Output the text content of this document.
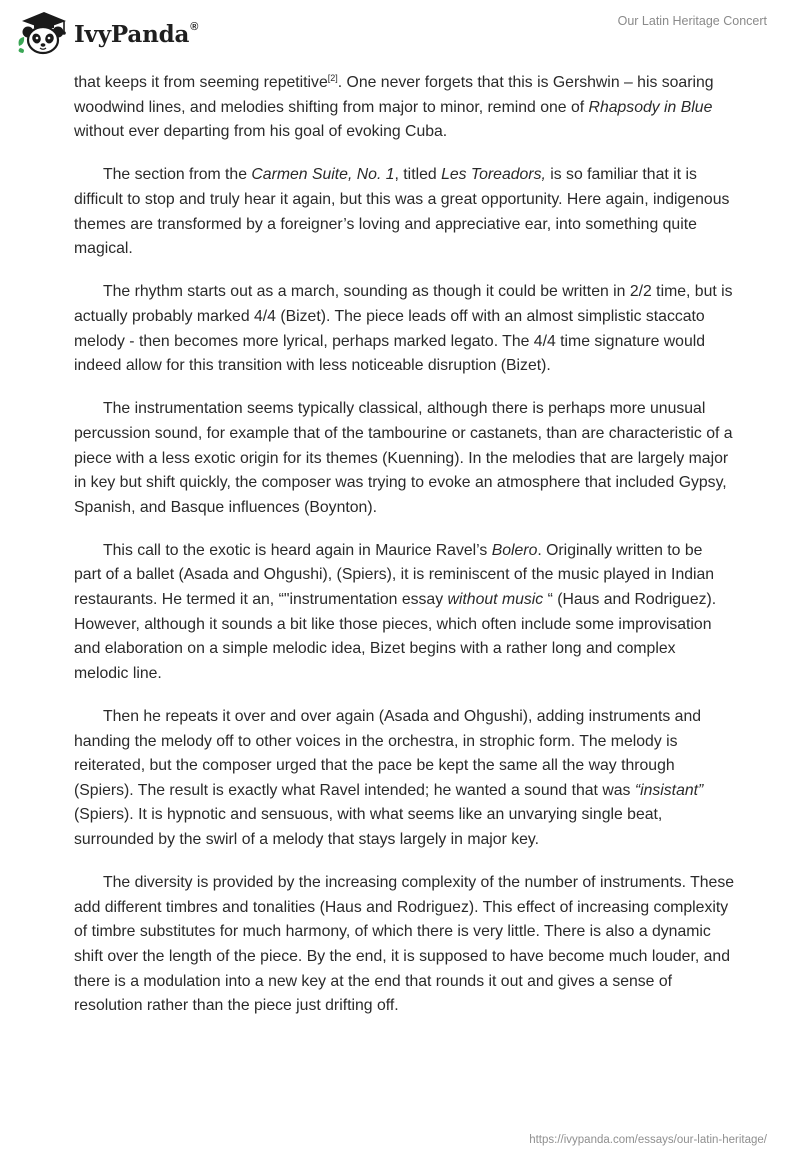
IvyPanda®	Our Latin Heritage Concert

that keeps it from seeming repetitive[2]. One never forgets that this is Gershwin – his soaring woodwind lines, and melodies shifting from major to minor, remind one of Rhapsody in Blue without ever departing from his goal of evoking Cuba.

The section from the Carmen Suite, No. 1, titled Les Toreadors, is so familiar that it is difficult to stop and truly hear it again, but this was a great opportunity. Here again, indigenous themes are transformed by a foreigner’s loving and appreciative ear, into something quite magical.

The rhythm starts out as a march, sounding as though it could be written in 2/2 time, but is actually probably marked 4/4 (Bizet). The piece leads off with an almost simplistic staccato melody - then becomes more lyrical, perhaps marked legato. The 4/4 time signature would indeed allow for this transition with less noticeable disruption (Bizet).

The instrumentation seems typically classical, although there is perhaps more unusual percussion sound, for example that of the tambourine or castanets, than are characteristic of a piece with a less exotic origin for its themes (Kuenning). In the melodies that are largely major in key but shift quickly, the composer was trying to evoke an atmosphere that included Gypsy, Spanish, and Basque influences (Boynton).

This call to the exotic is heard again in Maurice Ravel’s Bolero. Originally written to be part of a ballet (Asada and Ohgushi), (Spiers), it is reminiscent of the music played in Indian restaurants. He termed it an, “"instrumentation essay without music “ (Haus and Rodriguez). However, although it sounds a bit like those pieces, which often include some improvisation and elaboration on a simple melodic idea, Bizet begins with a rather long and complex melodic line.

Then he repeats it over and over again (Asada and Ohgushi), adding instruments and handing the melody off to other voices in the orchestra, in strophic form. The melody is reiterated, but the composer urged that the pace be kept the same all the way through (Spiers). The result is exactly what Ravel intended; he wanted a sound that was “insistant” (Spiers). It is hypnotic and sensuous, with what seems like an unvarying single beat, surrounded by the swirl of a melody that stays largely in major key.

The diversity is provided by the increasing complexity of the number of instruments. These add different timbres and tonalities (Haus and Rodriguez). This effect of increasing complexity of timbre substitutes for much harmony, of which there is very little. There is also a dynamic shift over the length of the piece. By the end, it is supposed to have become much louder, and there is a modulation into a new key at the end that rounds it out and gives a sense of resolution rather than the piece just drifting off.

https://ivypanda.com/essays/our-latin-heritage/
